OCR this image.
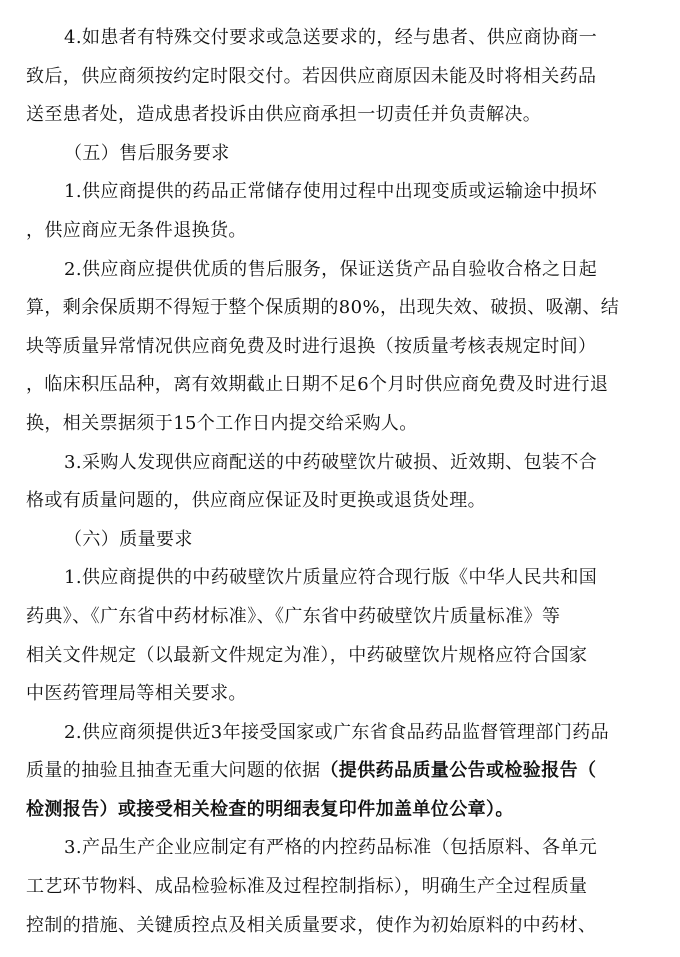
4.如患者有特殊交付要求或急送要求的，经与患者、供应商协商一
致后，供应商须按约定时限交付。若因供应商原因未能及时将相关药品
送至患者处，造成患者投诉由供应商承担一切责任并负责解决。
（五）售后服务要求
1.供应商提供的药品正常储存使用过程中出现变质或运输途中损坏
，供应商应无条件退换货。
2.供应商应提供优质的售后服务，保证送货产品自验收合格之日起
算，剩余保质期不得短于整个保质期的80%，出现失效、破损、吸潮、结
块等质量异常情况供应商免费及时进行退换（按质量考核表规定时间）
，临床积压品种，离有效期截止日期不足6个月时供应商免费及时进行退
换，相关票据须于15个工作日内提交给采购人。
3.采购人发现供应商配送的中药破壁饮片破损、近效期、包装不合
格或有质量问题的，供应商应保证及时更换或退货处理。
（六）质量要求
1.供应商提供的中药破壁饮片质量应符合现行版《中华人民共和国
药典》、《广东省中药材标准》、《广东省中药破壁饮片质量标准》等
相关文件规定（以最新文件规定为准），中药破壁饮片规格应符合国家
中医药管理局等相关要求。
2.供应商须提供近3年接受国家或广东省食品药品监督管理部门药品
质量的抽验且抽查无重大问题的依据（提供药品质量公告或检验报告（
检测报告）或接受相关检查的明细表复印件加盖单位公章）。
3.产品生产企业应制定有严格的内控药品标准（包括原料、各单元
工艺环节物料、成品检验标准及过程控制指标），明确生产全过程质量
控制的措施、关键质控点及相关质量要求，使作为初始原料的中药材、
